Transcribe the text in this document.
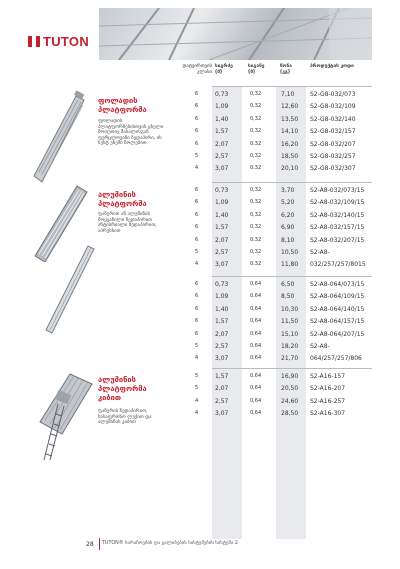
TUTON
დატვირთვის კლასი
სიგრძე (მ)
სიგანე (მ)
წონა (კგ)
პროდუქტის კოდი
6	0,73	0,32	7,10	S2-G8-032/073
6	1,09	0,32	12,60 S2-G8-032/109
6	1,40	0,32	13,50 S2-G8-032/140
6	1,57	0,32	14,10 S2-G8-032/157
6	2,07	0,32	16,20 S2-G8-032/207
5	2,57	0,32	18,50 S2-G8-032/257
4	3,07	0,32	20,10 S2-G8-032/307
6	0,73	0,32	3,70	S2-A8-032/073/15
6	1,09	0,32	5,20	S2-A8-032/109/15
6	1,40	0,32	6,20	S2-A8-032/140/15
6	1,57	0,32	6,90	S2-A8-032/157/15
6	2,07	0,32	8,10	S2-A8-032/207/15
5	2,57	0,32	10,50 S2-A8-
4	3,07	0,32	11,80 032/257/257/8015
6	0,73	0,64	6,50	S2-A8-064/073/15
6	1,09	0,64	8,50	S2-A8-064/109/15
6	1,40	0,64	10,30 S2-A8-064/140/15
6	1,57	0,64	11,50 S2-A8-064/157/15
6	2,07	0,64	15,10 S2-A8-064/207/15
5	2,57	0,64	18,20 S2-A8-
4	3,07	0,64	21,70 064/257/257/806
5	1,57	0,64	16,90 S2-A16-157
5	2,07	0,64	20,50 S2-A16-207
4	2,57	0,64	24,60 S2-A16-257
4	3,07	0,64	28,50 S2-A16-307
ფოლადის პლატფორმა
ფოლადის პლატფორმებისთვის ცხელი მოთუთიე მასალისგან ფურცლოვანი ზედაპირი, ის სუსტ უხეში ზოლებით
ალუმინის პლატფორმა
ფანერით ან ალუმინის მოყვანილი ზედაპირით ანტისრიალი ზედაპირით, აპრესხით
ალუმინის პლატფორმა კიბით
ფანერის ზედაპირით, სასაფრთხო ლუქით და ალუმინის კიბით
28 TUTON® ხარაჩოების და ყალიბების სისტემების სისტემა 2
